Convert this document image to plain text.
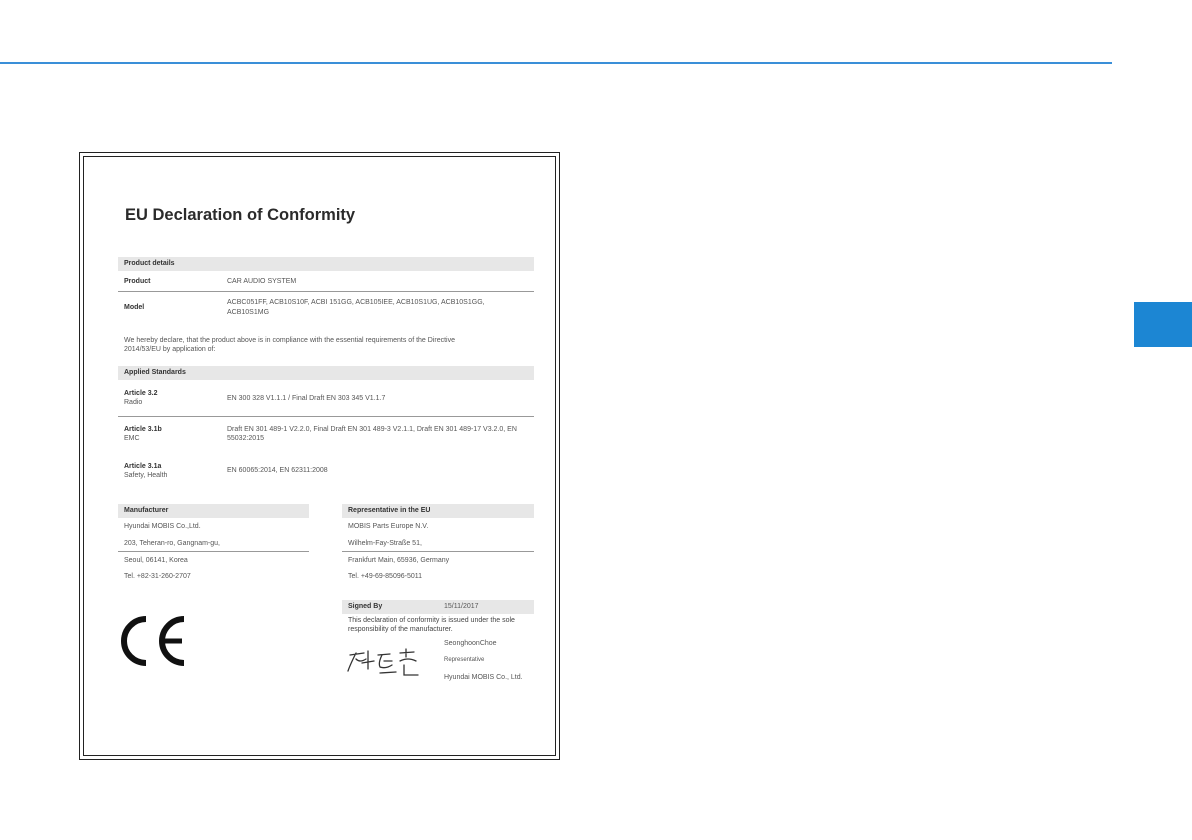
EU Declaration of Conformity
Product details
Product	CAR AUDIO SYSTEM
Model
ACBC051FF, ACB10S10F, ACBI 151GG, ACB105IEE, ACB10S1UG, ACB10S1GG,
ACB10S1MG
We hereby declare, that the product above is in compliance with the essential requirements of the Directive
2014/53/EU by application of:
Applied Standards
Article 3.2
Radio
EN 300 328 V1.1.1 / Final Draft EN 303 345 V1.1.7
Article 3.1b
EMC
Draft EN 301 489-1 V2.2.0, Final Draft EN 301 489-3 V2.1.1, Draft EN 301 489-17 V3.2.0, EN
55032:2015
Article 3.1a
Safety, Health
EN 60065:2014, EN 62311:2008
Manufacturer
Hyundai MOBIS Co.,Ltd.
203, Teheran-ro, Gangnam-gu,
Seoul, 06141, Korea
Tel. +82-31-260-2707
Representative in the EU
MOBIS Parts Europe N.V.
Wilhelm-Fay-Straße 51,
Frankfurt Main, 65936, Germany
Tel. +49-69-85096-5011
Signed By	15/11/2017
This declaration of conformity is issued under the sole
responsibility of the manufacturer.
SeonghoonChoe
Representative
Hyundai MOBIS Co., Ltd.
